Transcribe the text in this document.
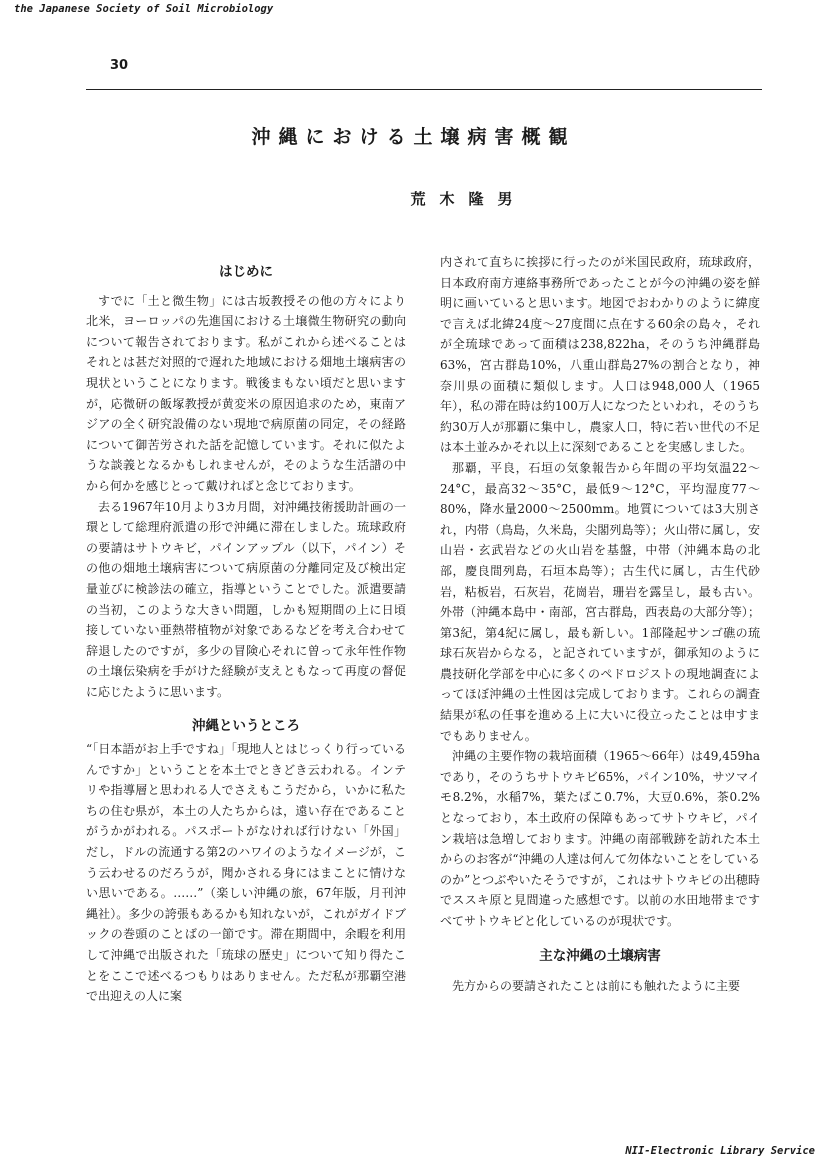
the Japanese Society of Soil Microbiology
30
沖縄における土壌病害概観
荒木隆男
はじめに

すでに「土と微生物」には古坂教授その他の方々により北米，ヨーロッパの先進国における土壌微生物研究の動向について報告されております。私がこれから述べることはそれとは甚だ対照的で遅れた地域における畑地土壌病害の現状ということになります。戦後まもない頃だと思いますが，応微研の飯塚教授が黄変米の原因追求のため，東南アジアの全く研究設備のない現地で病原菌の同定，その経路について御苦労された話を記憶しています。それに似たような談義となるかもしれませんが，そのような生活譜の中から何かを感じとって戴ければと念じております。

去る1967年10月より3カ月間，対沖縄技術援助計画の一環として総理府派遣の形で沖縄に滞在しました。琉球政府の要請はサトウキビ，パインアップル（以下，パイン）その他の畑地土壌病害について病原菌の分離同定及び検出定量並びに検診法の確立，指導ということでした。派遣要請の当初，このような大きい問題，しかも短期間の上に日頃接していない亜熱帯植物が対象であるなどを考え合わせて辞退したのですが，多少の冒険心それに曽って永年性作物の土壌伝染病を手がけた経験が支えともなって再度の督促に応じたように思います。

沖縄というところ

“「日本語がお上手ですね」「現地人とはじっくり行っているんですか」ということを本土でときどき云われる。インテリや指導層と思われる人でさえもこうだから，いかに私たちの住む県が，本土の人たちからは，遠い存在であることがうかがわれる。パスポートがなければ行けない「外国」だし，ドルの流通する第2のハワイのようなイメージが，こう云わせるのだろうが，聞かされる身にはまことに情けない思いである。……”（楽しい沖縄の旅，67年版，月刊沖縄社）。多少の誇張もあるかも知れないが，これがガイドブックの巻頭のことばの一節です。滞在期間中，余暇を利用して沖縄で出版された「琉球の歴史」について知り得たことをここで述べるつもりはありません。ただ私が那覇空港で出迎えの人に案

内されて直ちに挨拶に行ったのが米国民政府，琉球政府，日本政府南方連絡事務所であったことが今の沖縄の姿を鮮明に画いていると思います。地図でおわかりのように緯度で言えば北緯24度～27度間に点在する60余の島々，それが全琉球であって面積は238,822ha，そのうち沖縄群島63%，宮古群島10%，八重山群島27%の割合となり，神奈川県の面積に類似します。人口は948,000人（1965年），私の滞在時は約100万人になつたといわれ，そのうち約30万人が那覇に集中し，農家人口，特に若い世代の不足は本土並みかそれ以上に深刻であることを実感しました。

那覇，平良，石垣の気象報告から年間の平均気温22～24°C，最高32～35°C，最低9～12°C，平均湿度77～80%，降水量2000～2500mm。地質については3大別され，内帯（鳥島，久米島，尖閣列島等）；火山帯に属し，安山岩・玄武岩などの火山岩を基盤，中帯（沖縄本島の北部，慶良間列島，石垣本島等）；古生代に属し，古生代砂岩，粘板岩，石灰岩，花崗岩，珊岩を露呈し，最も古い。外帯（沖縄本島中・南部，宮古群島，西表島の大部分等）；第3紀，第4紀に属し，最も新しい。1部隆起サンゴ礁の琉球石灰岩からなる，と記されていますが，御承知のように農技研化学部を中心に多くのペドロジストの現地調査によってほぼ沖縄の土性図は完成しております。これらの調査結果が私の任事を進める上に大いに役立ったことは申すまでもありません。

沖縄の主要作物の栽培面積（1965～66年）は49,459haであり，そのうちサトウキビ65%，パイン10%，サツマイモ8.2%，水稲7%，葉たばこ0.7%，大豆0.6%，茶0.2%となっており，本土政府の保障もあってサトウキビ，パイン栽培は急増しております。沖縄の南部戦跡を訪れた本土からのお客が“沖縄の人達は何んて勿体ないことをしているのか”とつぶやいたそうですが，これはサトウキビの出穂時でススキ原と見間違った感想です。以前の水田地帯まですべてサトウキビと化しているのが現状です。

主な沖縄の土壌病害

先方からの要請されたことは前にも触れたように主要

NII-Electronic Library Service
